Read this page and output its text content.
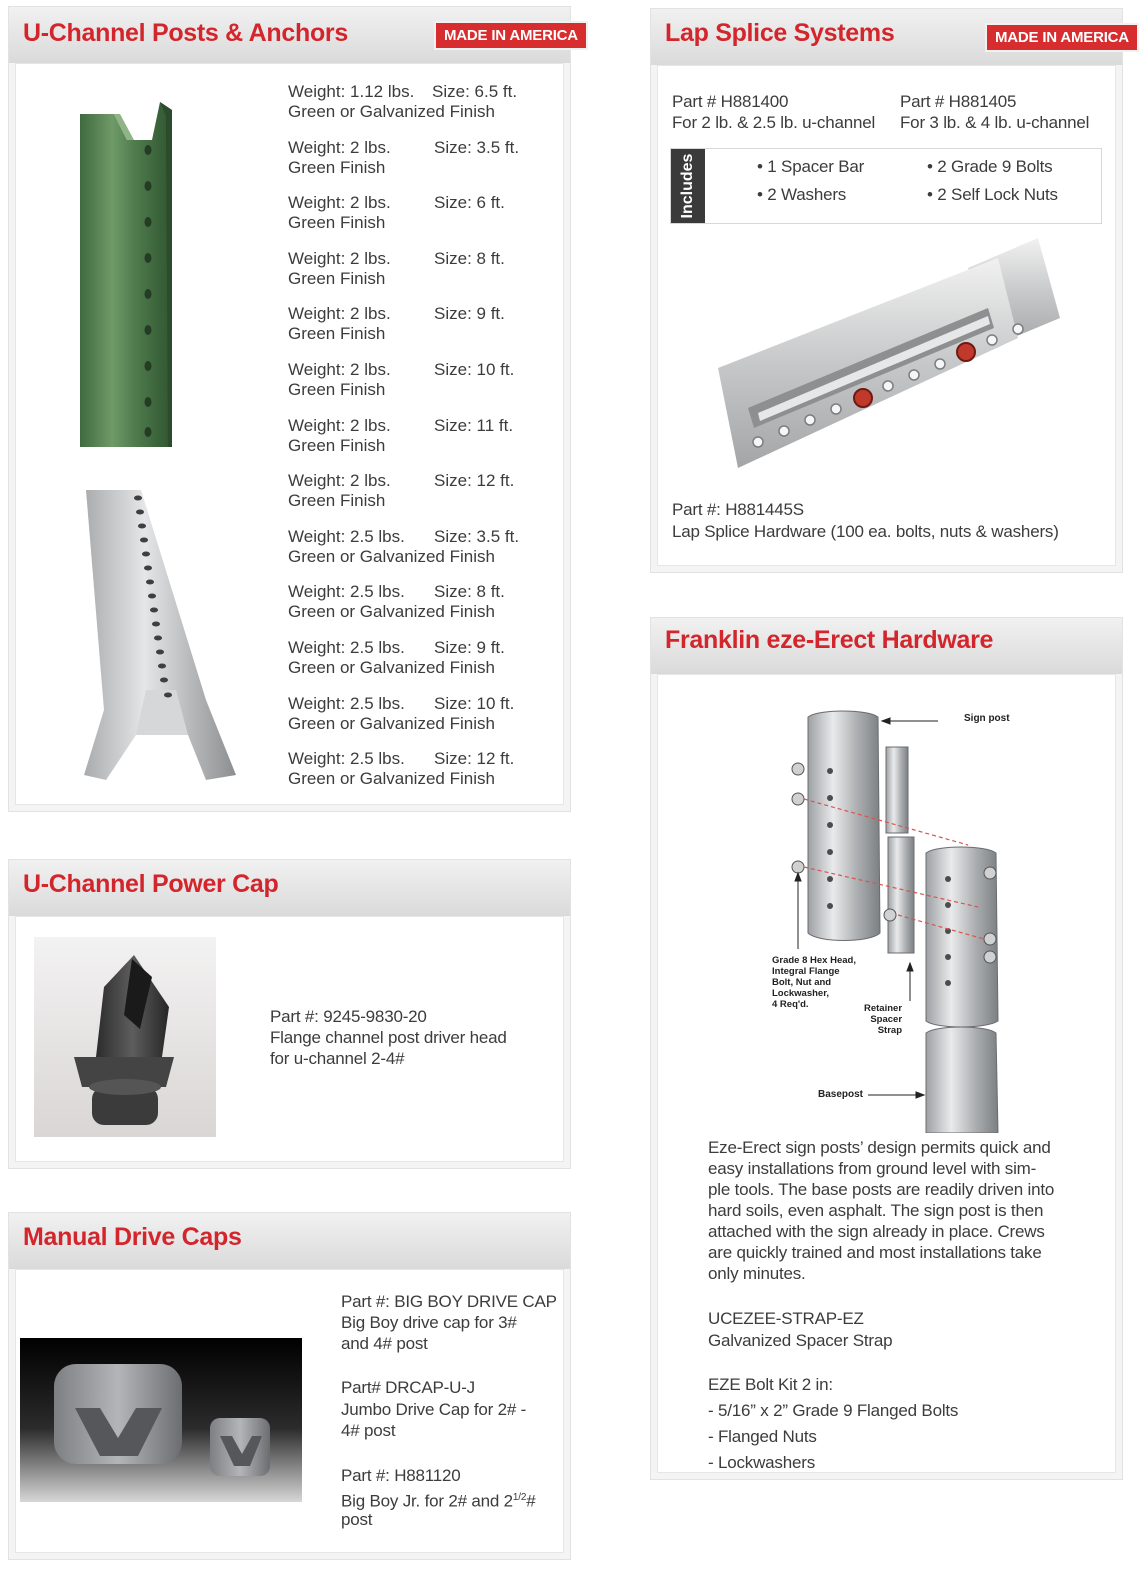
U-Channel Posts & Anchors	MADE IN AMERICA
Weight: 1.12 lbs. Size: 6.5 ft.
Green or Galvanized Finish
Weight: 2 lbs.	Size: 3.5 ft.
Green Finish
Weight: 2 lbs.	Size: 6 ft.
Green Finish
Weight: 2 lbs.	Size: 8 ft.
Green Finish
Weight: 2 lbs.	Size: 9 ft.
Green Finish
Weight: 2 lbs.	Size: 10 ft.
Green Finish
Weight: 2 lbs.	Size: 11 ft.
Green Finish
Weight: 2 lbs.	Size: 12 ft.
Green Finish
Weight: 2.5 lbs. Size: 3.5 ft.
Green or Galvanized Finish
Weight: 2.5 lbs. Size: 8 ft.
Green or Galvanized Finish
Weight: 2.5 lbs. Size: 9 ft.
Green or Galvanized Finish
Weight: 2.5 lbs. Size: 10 ft.
Green or Galvanized Finish
Weight: 2.5 lbs. Size: 12 ft.
Green or Galvanized Finish
U-Channel Power Cap
Part #: 9245-9830-20
Flange channel post driver head
for u-channel 2-4#
Manual Drive Caps
Part #: BIG BOY DRIVE CAP
Big Boy drive cap for 3#
and 4# post
Part# DRCAP-U-J
Jumbo Drive Cap for 2# -
4# post
Part #: H881120
Big Boy Jr. for 2# and $2^{1/2}\#$
post
Lap Splice Systems	MADE IN AMERICA
Part # H881400
For 2 lb. & 2.5 lb. u-channel
Part # H881405
For 3 lb. & 4 lb. u-channel
Includes	• 1 Spacer Bar	• 2 Grade 9 Bolts
• 2 Washers	• 2 Self Lock Nuts
Part #: H881445S
Lap Splice Hardware (100 ea. bolts, nuts & washers)
Franklin eze-Erect Hardware
Sign post
Grade 8 Hex Head,
Integral Flange
Bolt, Nut and
Lockwasher,
4 Req'd.	Retainer
Spacer
Strap
Basepost
Eze-Erect sign posts’ design permits quick and
easy installations from ground level with sim-
ple tools. The base posts are readily driven into
hard soils, even asphalt. The sign post is then
attached with the sign already in place. Crews
are quickly trained and most installations take
only minutes.
UCEZEE-STRAP-EZ
Galvanized Spacer Strap
EZE Bolt Kit 2 in:
- 5/16” x 2” Grade 9 Flanged Bolts
- Flanged Nuts
- Lockwashers
